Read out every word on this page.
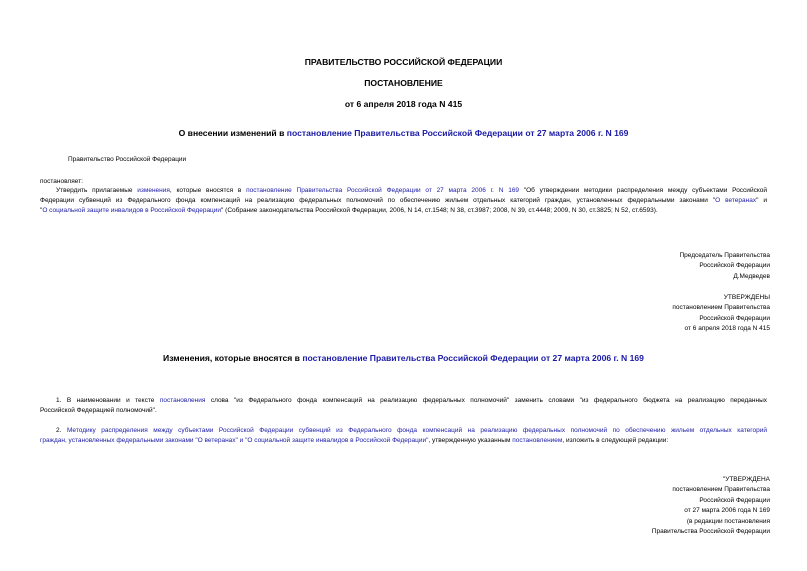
ПРАВИТЕЛЬСТВО РОССИЙСКОЙ ФЕДЕРАЦИИ
ПОСТАНОВЛЕНИЕ
от 6 апреля 2018 года N 415
О внесении изменений в постановление Правительства Российской Федерации от 27 марта 2006 г. N 169
Правительство Российской Федерации
постановляет:
Утвердить прилагаемые изменения, которые вносятся в постановление Правительства Российской Федерации от 27 марта 2006 г. N 169 "Об утверждении методики распределения между субъектами Российской
Федерации субвенций из Федерального фонда компенсаций на реализацию федеральных полномочий по обеспечению жильем отдельных категорий граждан, установленных федеральными законами "О ветеранах" и
"О социальной защите инвалидов в Российской Федерации" (Собрание законодательства Российской Федерации, 2006, N 14, ст.1548; N 38, ст.3987; 2008, N 39, ст.4448; 2009, N 30, ст.3825; N 52, ст.6593).
Председатель Правительства
Российской Федерации
Д.Медведев
УТВЕРЖДЕНЫ
постановлением Правительства
Российской Федерации
от 6 апреля 2018 года N 415
Изменения, которые вносятся в постановление Правительства Российской Федерации от 27 марта 2006 г. N 169
1. В наименовании и тексте постановления слова "из Федерального фонда компенсаций на реализацию федеральных полномочий" заменить словами "из федерального бюджета на реализацию переданных
Российской Федерацией полномочий".
2. Методику распределения между субъектами Российской Федерации субвенций из Федерального фонда компенсаций на реализацию федеральных полномочий по обеспечению жильем отдельных категорий
граждан, установленных федеральными законами "О ветеранах" и "О социальной защите инвалидов в Российской Федерации", утвержденную указанным постановлением, изложить в следующей редакции:
"УТВЕРЖДЕНА
постановлением Правительства
Российской Федерации
от 27 марта 2006 года N 169
(в редакции постановления
Правительства Российской Федерации
